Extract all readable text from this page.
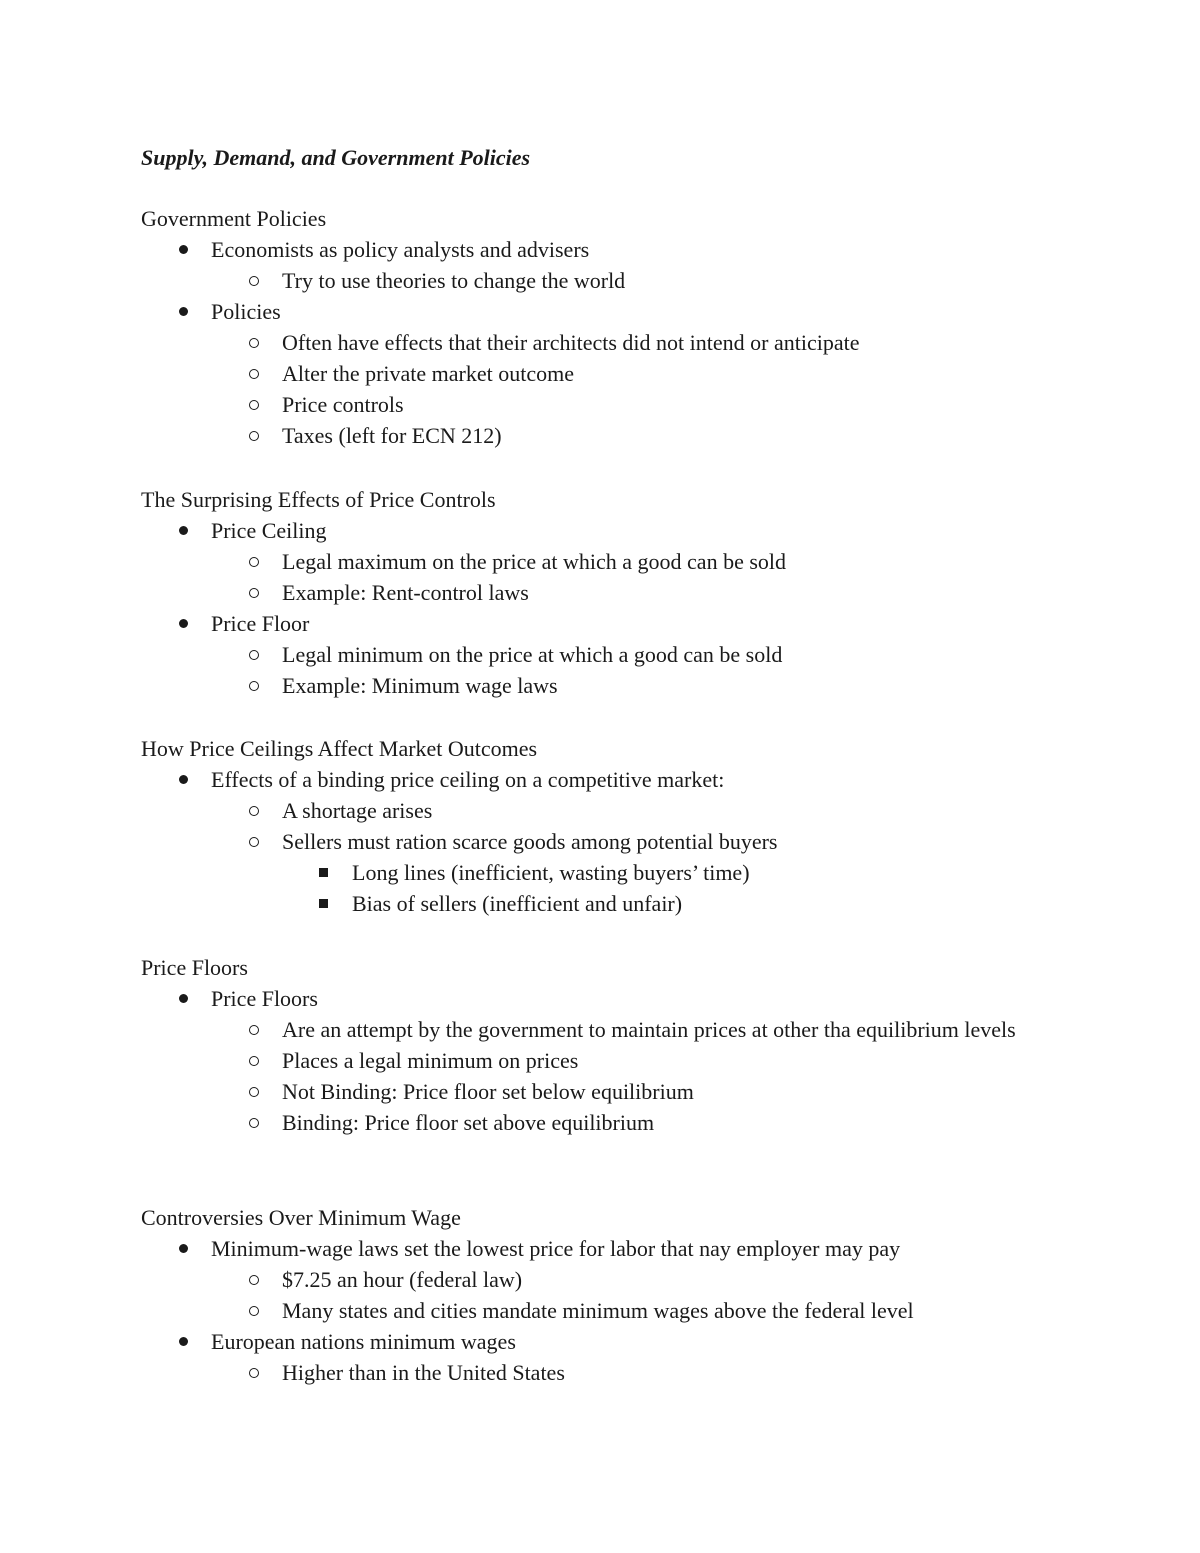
Supply, Demand, and Government Policies
Government Policies
Economists as policy analysts and advisers
Try to use theories to change the world
Policies
Often have effects that their architects did not intend or anticipate
Alter the private market outcome
Price controls
Taxes (left for ECN 212)
The Surprising Effects of Price Controls
Price Ceiling
Legal maximum on the price at which a good can be sold
Example: Rent-control laws
Price Floor
Legal minimum on the price at which a good can be sold
Example: Minimum wage laws
How Price Ceilings Affect Market Outcomes
Effects of a binding price ceiling on a competitive market:
A shortage arises
Sellers must ration scarce goods among potential buyers
Long lines (inefficient, wasting buyers’ time)
Bias of sellers (inefficient and unfair)
Price Floors
Price Floors
Are an attempt by the government to maintain prices at other tha equilibrium levels
Places a legal minimum on prices
Not Binding: Price floor set below equilibrium
Binding: Price floor set above equilibrium
Controversies Over Minimum Wage
Minimum-wage laws set the lowest price for labor that nay employer may pay
$7.25 an hour (federal law)
Many states and cities mandate minimum wages above the federal level
European nations minimum wages
Higher than in the United States
